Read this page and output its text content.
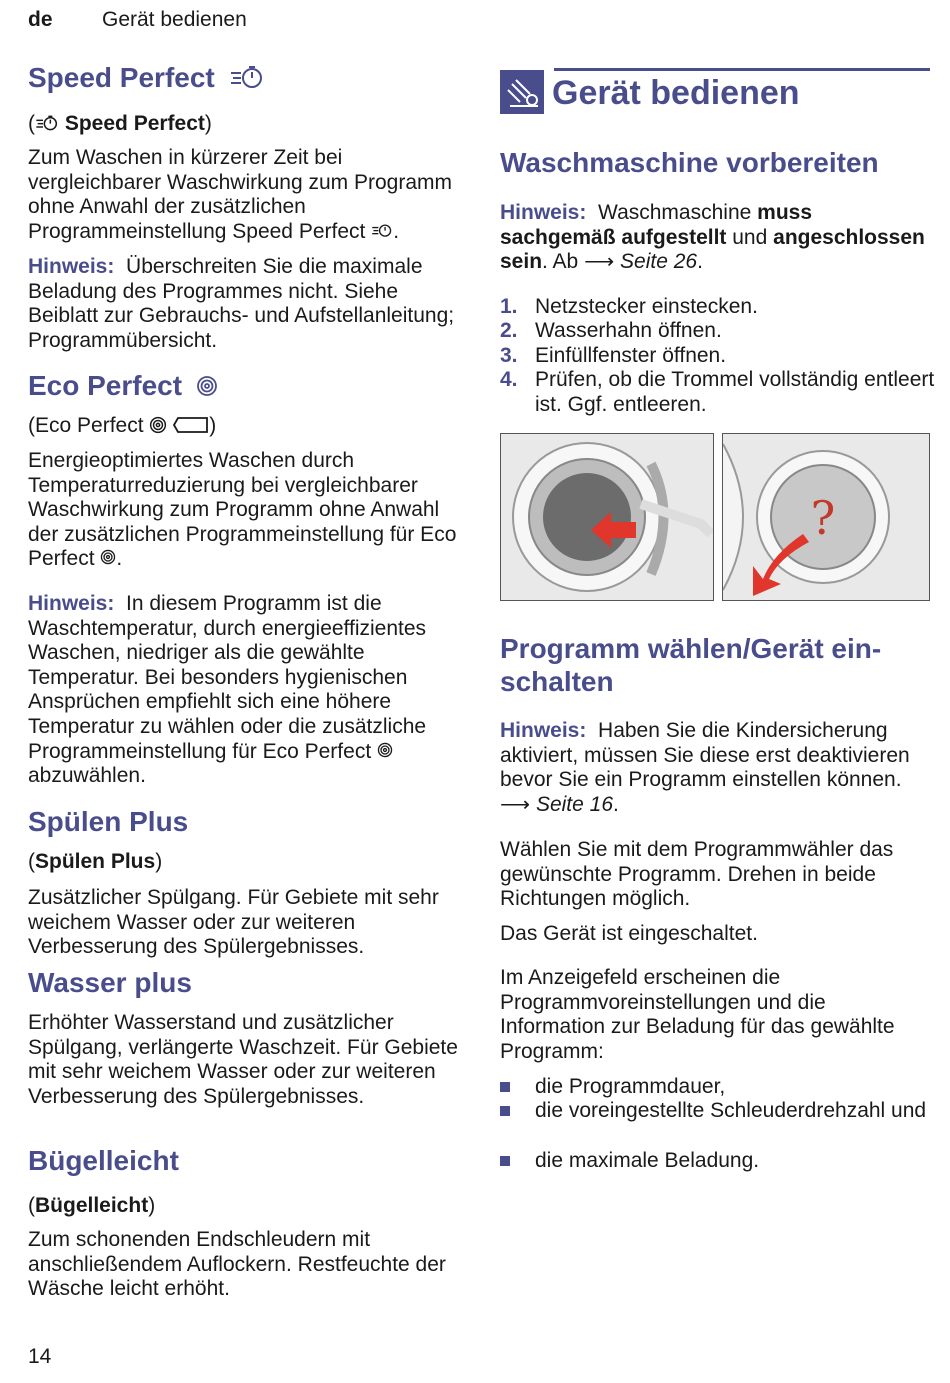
de Gerät bedienen
Speed Perfect
( Speed Perfect)
Zum Waschen in kürzerer Zeit bei vergleichbarer Waschwirkung zum Programm ohne Anwahl der zusätzlichen Programmeinstellung Speed Perfect .
Hinweis: Überschreiten Sie die maximale Beladung des Programmes nicht. Siehe Beiblatt zur Gebrauchs- und Aufstellanleitung; Programmübersicht.
Eco Perfect
(Eco Perfect	)
Energieoptimiertes Waschen durch Temperaturreduzierung bei vergleichbarer Waschwirkung zum Programm ohne Anwahl der zusätzlichen Programmeinstellung für Eco Perfect .
Hinweis: In diesem Programm ist die Waschtemperatur, durch energieeffizientes Waschen, niedriger als die gewählte Temperatur. Bei besonders hygienischen Ansprüchen empfiehlt sich eine höhere Temperatur zu wählen oder die zusätzliche Programmeinstellung für Eco Perfect  abzuwählen.
Spülen Plus
(Spülen Plus)
Zusätzlicher Spülgang. Für Gebiete mit sehr weichem Wasser oder zur weiteren Verbesserung des Spülergebnisses.
Wasser plus
Erhöhter Wasserstand und zusätzlicher Spülgang, verlängerte Waschzeit. Für Gebiete mit sehr weichem Wasser oder zur weiteren Verbesserung des Spülergebnisses.
Bügelleicht
(Bügelleicht)
Zum schonenden Endschleudern mit anschließendem Auflockern. Restfeuchte der Wäsche leicht erhöht.
Gerät bedienen
Waschmaschine vorbereiten
Hinweis: Waschmaschine muss sachgemäß aufgestellt und angeschlossen sein. Ab ⟶ Seite 26.
1. Netzstecker einstecken.
2. Wasserhahn öffnen.
3. Einfüllfenster öffnen.
4. Prüfen, ob die Trommel vollständig entleert ist. Ggf. entleeren.
?
Programm wählen/Gerät ein-
schalten
Hinweis: Haben Sie die Kindersicherung aktiviert, müssen Sie diese erst deaktivieren bevor Sie ein Programm einstellen können. ⟶ Seite 16.
Wählen Sie mit dem Programmwähler das gewünschte Programm. Drehen in beide Richtungen möglich.
Das Gerät ist eingeschaltet.
Im Anzeigefeld erscheinen die Programmvoreinstellungen und die Information zur Beladung für das gewählte Programm:
die Programmdauer,
die voreingestellte Schleuderdrehzahl und
die maximale Beladung.
14
